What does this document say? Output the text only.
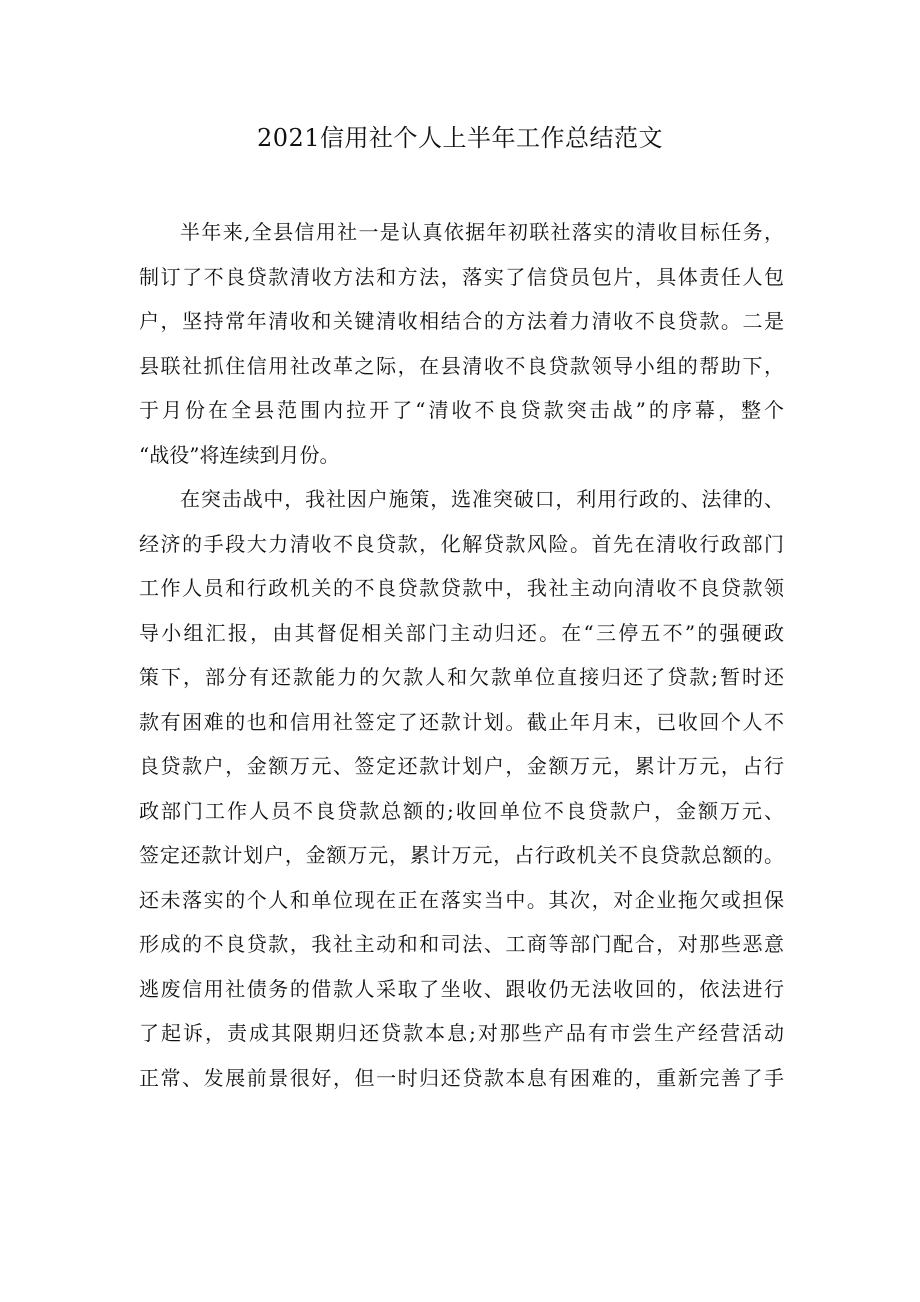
2021信用社个人上半年工作总结范文

半年来,全县信用社一是认真依据年初联社落实的清收目标任务，
制订了不良贷款清收方法和方法，落实了信贷员包片，具体责任人包
户，坚持常年清收和关键清收相结合的方法着力清收不良贷款。二是
县联社抓住信用社改革之际，在县清收不良贷款领导小组的帮助下，
于月份在全县范围内拉开了“清收不良贷款突击战”的序幕，整个
“战役”将连续到月份。

在突击战中，我社因户施策，选准突破口，利用行政的、法律的、
经济的手段大力清收不良贷款，化解贷款风险。首先在清收行政部门
工作人员和行政机关的不良贷款贷款中，我社主动向清收不良贷款领
导小组汇报，由其督促相关部门主动归还。在“三停五不”的强硬政
策下，部分有还款能力的欠款人和欠款单位直接归还了贷款;暂时还
款有困难的也和信用社签定了还款计划。截止年月末，已收回个人不
良贷款户，金额万元、签定还款计划户，金额万元，累计万元，占行
政部门工作人员不良贷款总额的;收回单位不良贷款户，金额万元、
签定还款计划户，金额万元，累计万元，占行政机关不良贷款总额的。
还未落实的个人和单位现在正在落实当中。其次，对企业拖欠或担保
形成的不良贷款，我社主动和和司法、工商等部门配合，对那些恶意
逃废信用社债务的借款人采取了坐收、跟收仍无法收回的，依法进行
了起诉，责成其限期归还贷款本息;对那些产品有市尝生产经营活动
正常、发展前景很好，但一时归还贷款本息有困难的，重新完善了手
